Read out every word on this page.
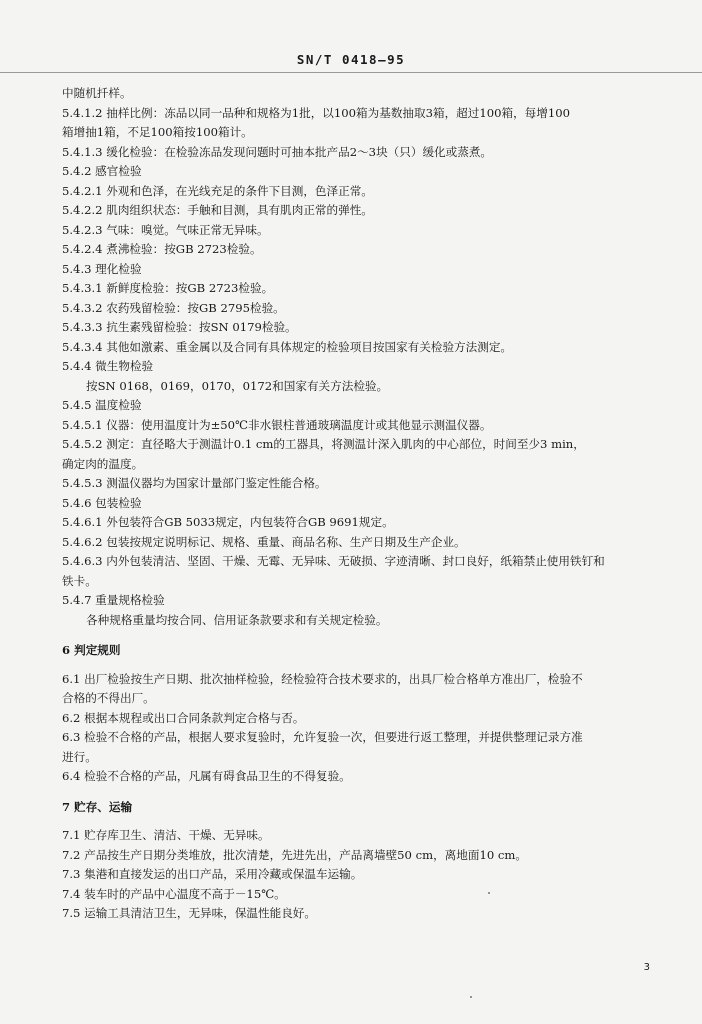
SN/T 0418—95
中随机扦样。
5.4.1.2 抽样比例：冻品以同一品种和规格为1批，以100箱为基数抽取3箱，超过100箱，每增100
箱增抽1箱，不足100箱按100箱计。
5.4.1.3 缓化检验：在检验冻品发现问题时可抽本批产品2～3块（只）缓化或蒸煮。
5.4.2 感官检验
5.4.2.1 外观和色泽，在光线充足的条件下目测，色泽正常。
5.4.2.2 肌肉组织状态：手触和目测，具有肌肉正常的弹性。
5.4.2.3 气味：嗅觉。气味正常无异味。
5.4.2.4 煮沸检验：按GB 2723检验。
5.4.3 理化检验
5.4.3.1 新鲜度检验：按GB 2723检验。
5.4.3.2 农药残留检验：按GB 2795检验。
5.4.3.3 抗生素残留检验：按SN 0179检验。
5.4.3.4 其他如激素、重金属以及合同有具体规定的检验项目按国家有关检验方法测定。
5.4.4 微生物检验
按SN 0168，0169，0170，0172和国家有关方法检验。
5.4.5 温度检验
5.4.5.1 仪器：使用温度计为±50℃非水银柱普通玻璃温度计或其他显示测温仪器。
5.4.5.2 测定：直径略大于测温计0.1 cm的工器具，将测温计深入肌肉的中心部位，时间至少3 min，
确定肉的温度。
5.4.5.3 测温仪器均为国家计量部门鉴定性能合格。
5.4.6 包装检验
5.4.6.1 外包装符合GB 5033规定，内包装符合GB 9691规定。
5.4.6.2 包装按规定说明标记、规格、重量、商品名称、生产日期及生产企业。
5.4.6.3 内外包装清洁、坚固、干燥、无霉、无异味、无破损、字迹清晰、封口良好，纸箱禁止使用铁钉和
铁卡。
5.4.7 重量规格检验
各种规格重量均按合同、信用证条款要求和有关规定检验。
6 判定规则
6.1 出厂检验按生产日期、批次抽样检验，经检验符合技术要求的，出具厂检合格单方准出厂，检验不
合格的不得出厂。
6.2 根据本规程或出口合同条款判定合格与否。
6.3 检验不合格的产品，根据人要求复验时，允许复验一次，但要进行返工整理，并提供整理记录方准
进行。
6.4 检验不合格的产品，凡属有碍食品卫生的不得复验。
7 贮存、运输
7.1 贮存库卫生、清洁、干燥、无异味。
7.2 产品按生产日期分类堆放，批次清楚，先进先出，产品离墙壁50 cm，离地面10 cm。
7.3 集港和直接发运的出口产品，采用冷藏或保温车运输。
7.4 装车时的产品中心温度不高于－15℃。
7.5 运输工具清洁卫生，无异味，保温性能良好。
3
